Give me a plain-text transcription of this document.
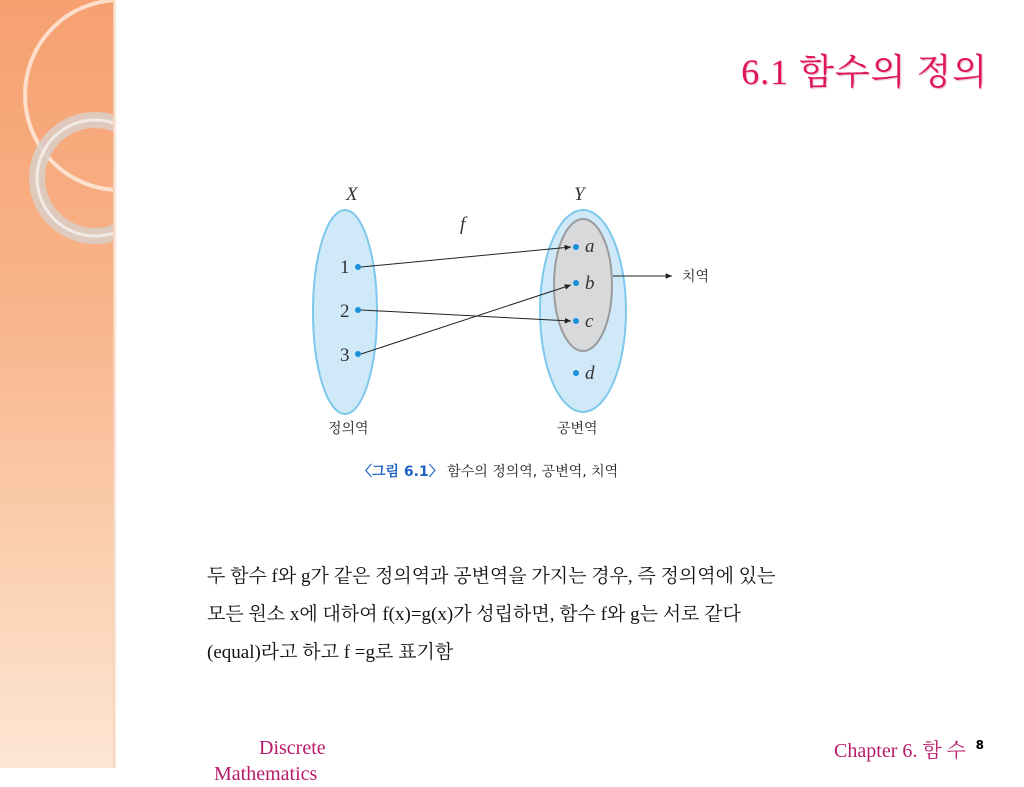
6.1 함수의 정의
X	Y
f
1
2
3
a
b
c
d
치역
정의역	공변역
〈그림 6.1〉 함수의 정의역, 공변역, 치역

두 함수 f와 g가 같은 정의역과 공변역을 가지는 경우, 즉 정의역에 있는

모든 원소 x에 대하여 f(x)=g(x)가 성립하면, 함수 f와 g는 서로 같다

(equal)라고 하고 f =g로 표기함

Discrete
Mathematics
Chapter 6. 함 수 8
